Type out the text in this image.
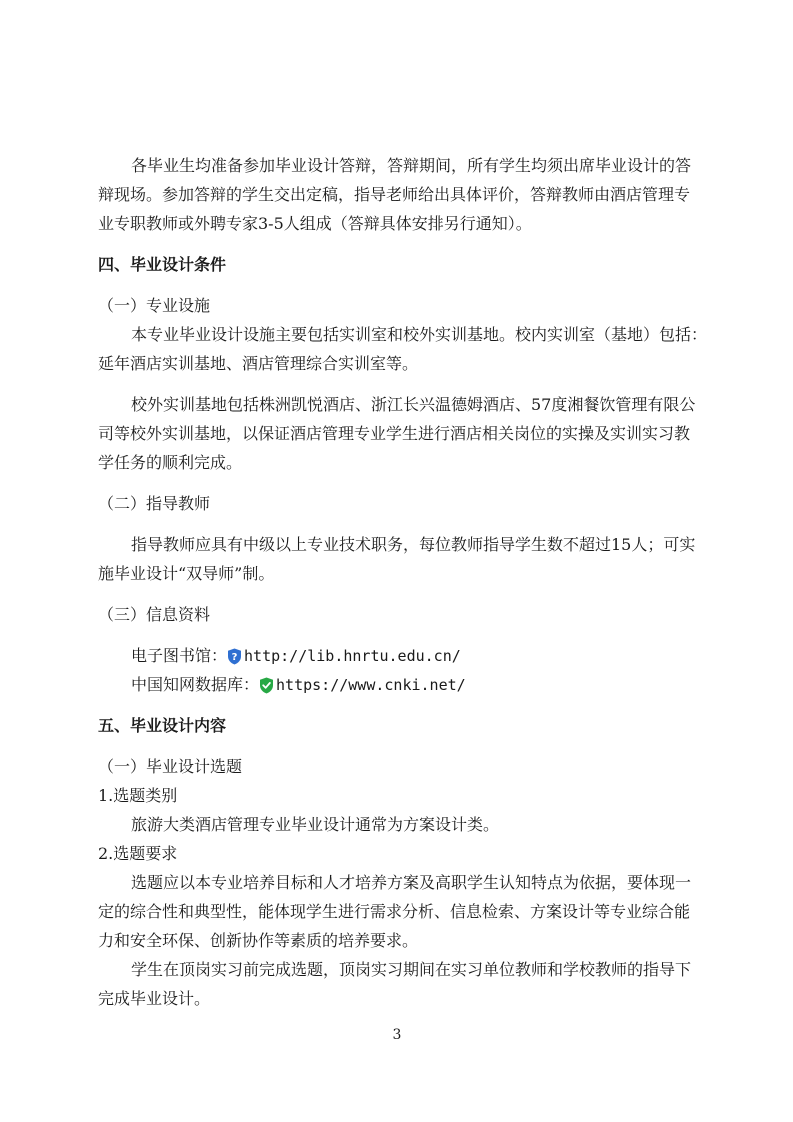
各毕业生均准备参加毕业设计答辩，答辩期间，所有学生均须出席毕业设计的答
辩现场。参加答辩的学生交出定稿，指导老师给出具体评价，答辩教师由酒店管理专
业专职教师或外聘专家3-5人组成（答辩具体安排另行通知）。
四、毕业设计条件
（一）专业设施
本专业毕业设计设施主要包括实训室和校外实训基地。校内实训室（基地）包括：
延年酒店实训基地、酒店管理综合实训室等。
校外实训基地包括株洲凯悦酒店、浙江长兴温德姆酒店、57度湘餐饮管理有限公
司等校外实训基地，以保证酒店管理专业学生进行酒店相关岗位的实操及实训实习教
学任务的顺利完成。
（二）指导教师
指导教师应具有中级以上专业技术职务，每位教师指导学生数不超过15人；可实
施毕业设计“双导师”制。
（三）信息资料
电子图书馆： ? http://lib.hnrtu.edu.cn/
中国知网数据库： https://www.cnki.net/
五、毕业设计内容
（一）毕业设计选题
1.选题类别
旅游大类酒店管理专业毕业设计通常为方案设计类。
2.选题要求
选题应以本专业培养目标和人才培养方案及高职学生认知特点为依据，要体现一
定的综合性和典型性，能体现学生进行需求分析、信息检索、方案设计等专业综合能
力和安全环保、创新协作等素质的培养要求。
学生在顶岗实习前完成选题，顶岗实习期间在实习单位教师和学校教师的指导下
完成毕业设计。
3
